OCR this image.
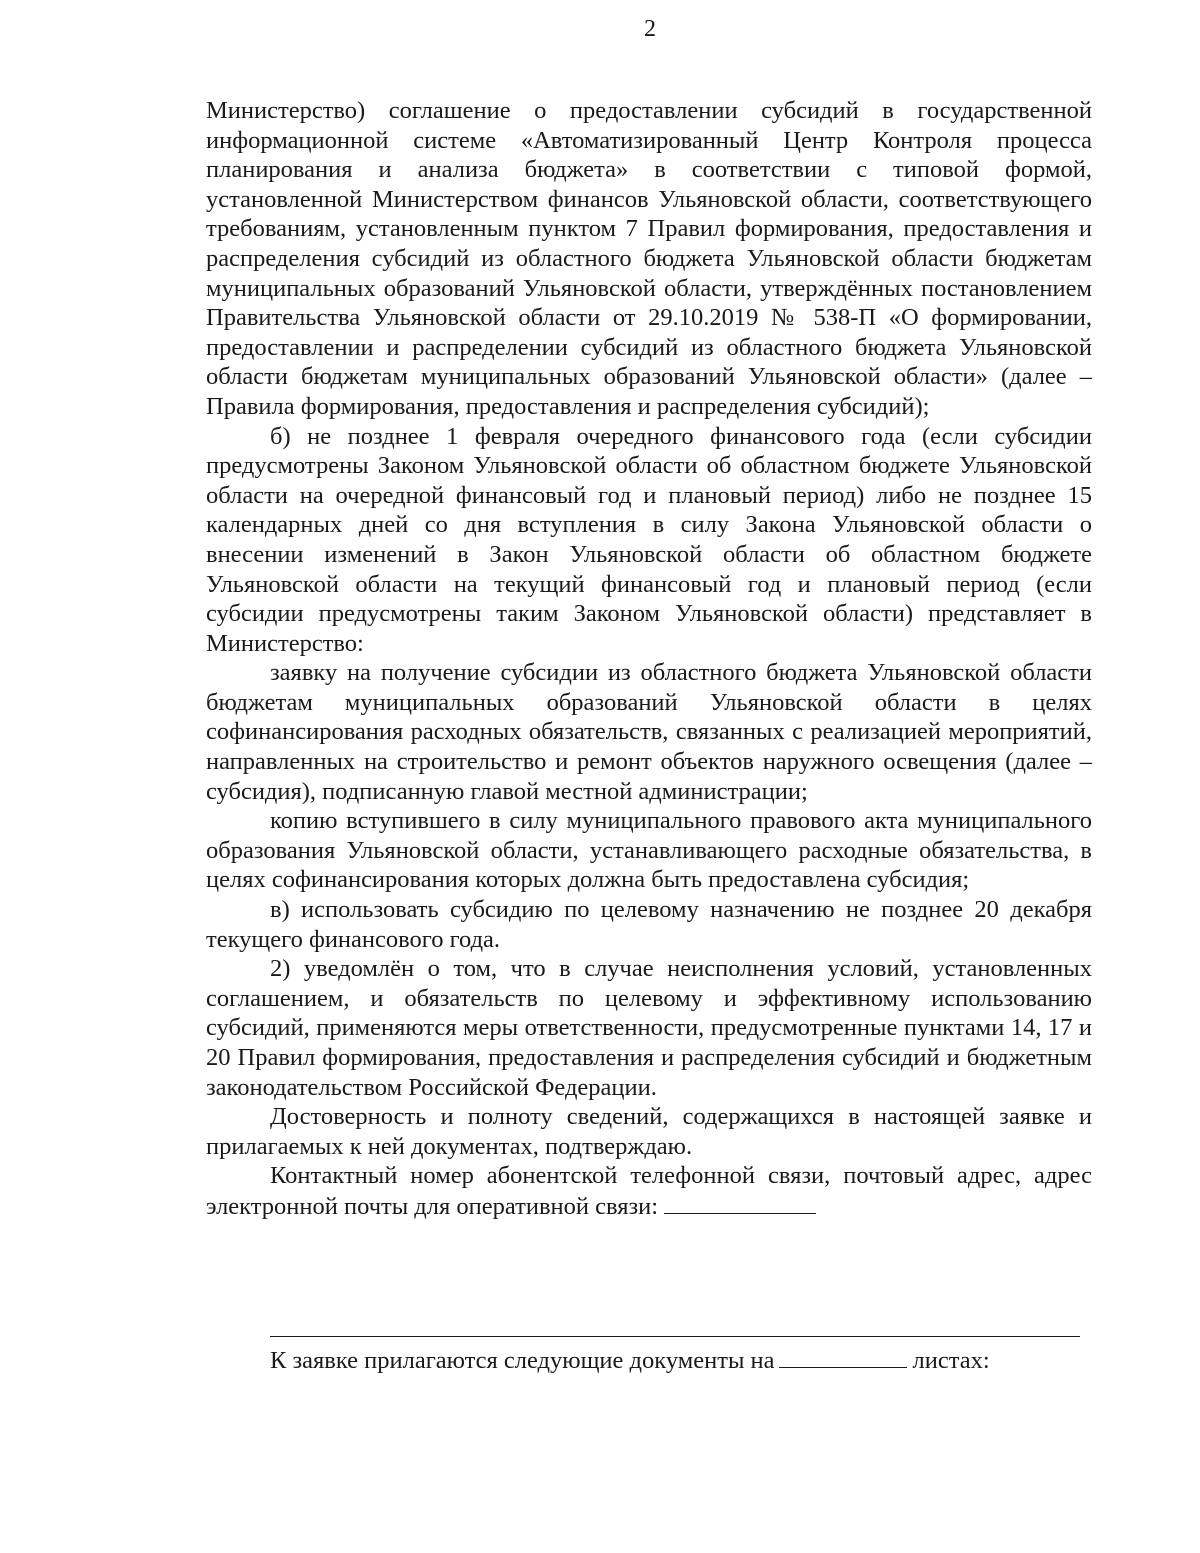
2

Министерство) соглашение о предоставлении субсидий в государственной информационной системе «Автоматизированный Центр Контроля процесса планирования и анализа бюджета» в соответствии с типовой формой, установленной Министерством финансов Ульяновской области, соответствующего требованиям, установленным пунктом 7 Правил формирования, предоставления и распределения субсидий из областного бюджета Ульяновской области бюджетам муниципальных образований Ульяновской области, утверждённых постановлением Правительства Ульяновской области от 29.10.2019 № 538-П «О формировании, предоставлении и распределении субсидий из областного бюджета Ульяновской области бюджетам муниципальных образований Ульяновской области» (далее – Правила формирования, предоставления и распределения субсидий);

б) не позднее 1 февраля очередного финансового года (если субсидии предусмотрены Законом Ульяновской области об областном бюджете Ульяновской области на очередной финансовый год и плановый период) либо не позднее 15 календарных дней со дня вступления в силу Закона Ульяновской области о внесении изменений в Закон Ульяновской области об областном бюджете Ульяновской области на текущий финансовый год и плановый период (если субсидии предусмотрены таким Законом Ульяновской области) представляет в Министерство:

заявку на получение субсидии из областного бюджета Ульяновской области бюджетам муниципальных образований Ульяновской области в целях софинансирования расходных обязательств, связанных с реализацией мероприятий, направленных на строительство и ремонт объектов наружного освещения (далее – субсидия), подписанную главой местной администрации;

копию вступившего в силу муниципального правового акта муниципального образования Ульяновской области, устанавливающего расходные обязательства, в целях софинансирования которых должна быть предоставлена субсидия;

в) использовать субсидию по целевому назначению не позднее 20 декабря текущего финансового года.

2) уведомлён о том, что в случае неисполнения условий, установленных соглашением, и обязательств по целевому и эффективному использованию субсидий, применяются меры ответственности, предусмотренные пунктами 14, 17 и 20 Правил формирования, предоставления и распределения субсидий и бюджетным законодательством Российской Федерации.

Достоверность и полноту сведений, содержащихся в настоящей заявке и прилагаемых к ней документах, подтверждаю.

Контактный номер абонентской телефонной связи, почтовый адрес, адрес электронной почты для оперативной связи:

К заявке прилагаются следующие документы на	листах:
